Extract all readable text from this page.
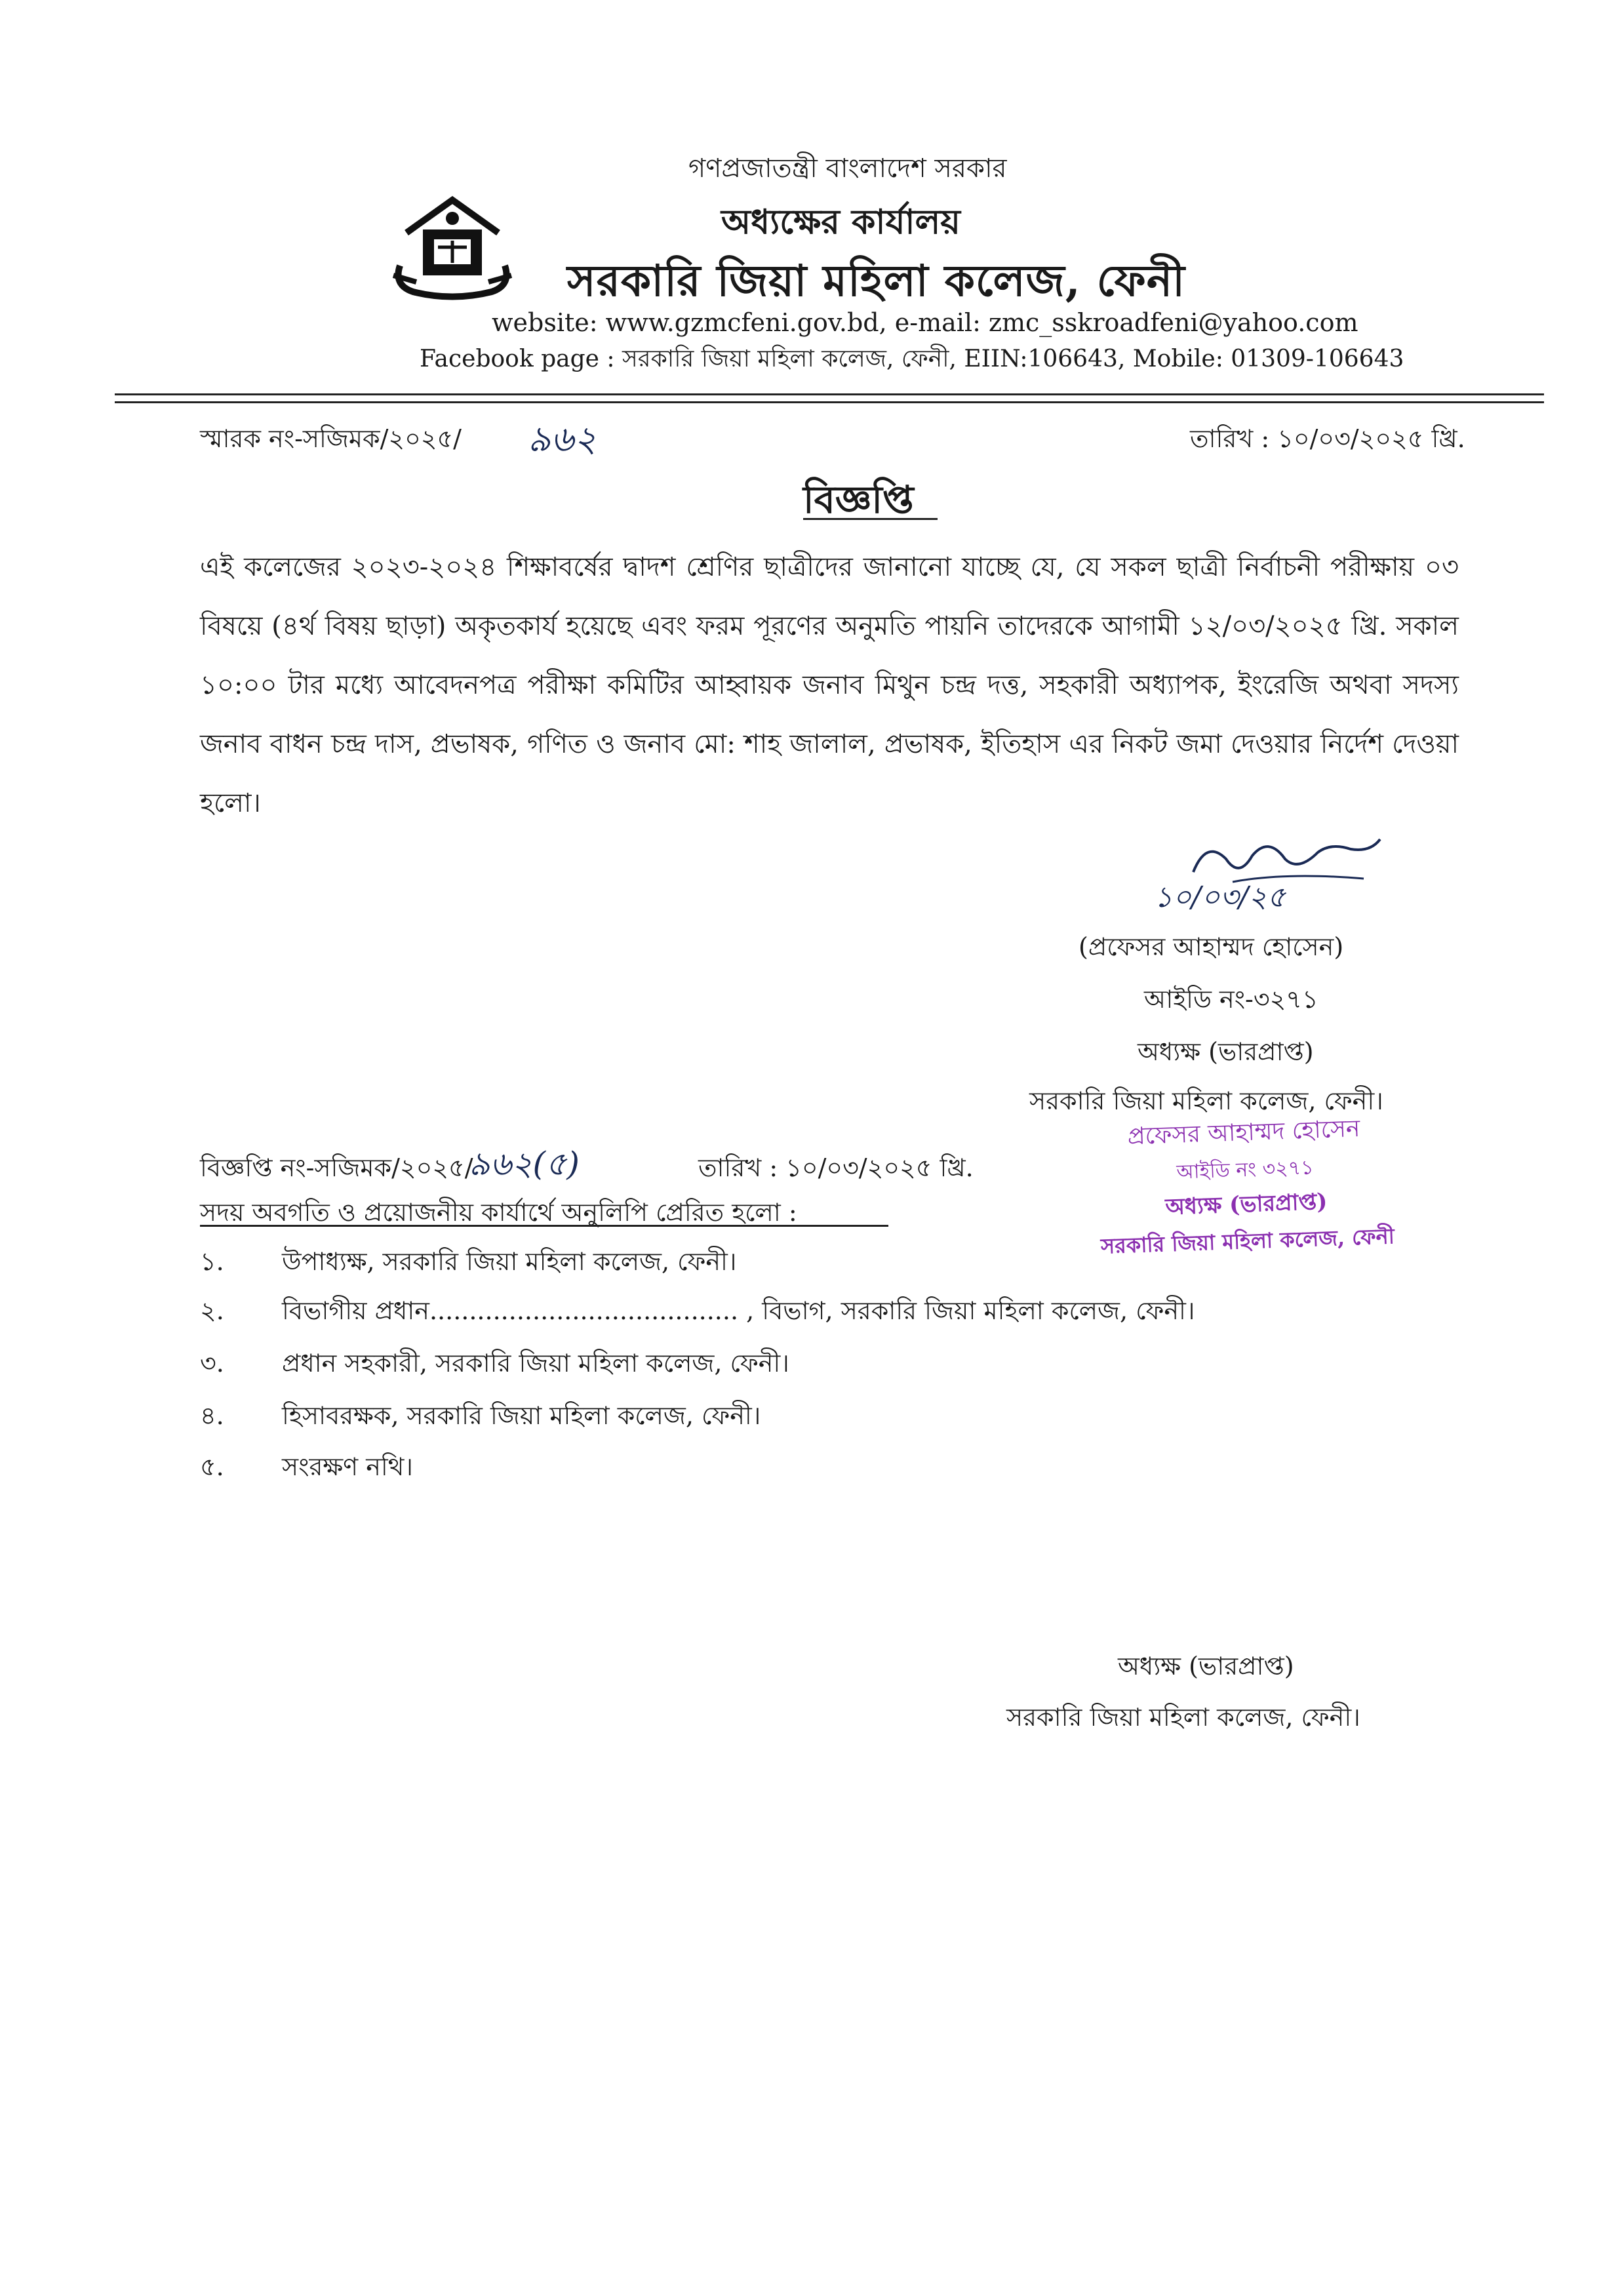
গণপ্রজাতন্ত্রী বাংলাদেশ সরকার
অধ্যক্ষের কার্যালয়
সরকারি জিয়া মহিলা কলেজ, ফেনী
website: www.gzmcfeni.gov.bd, e-mail: zmc_sskroadfeni@yahoo.com
Facebook page : সরকারি জিয়া মহিলা কলেজ, ফেনী, EIIN:106643, Mobile: 01309-106643
স্মারক নং-সজিমক/২০২৫/ ৯৬২	তারিখ : ১০/০৩/২০২৫ খ্রি.
বিজ্ঞপ্তি
এই কলেজের ২০২৩-২০২৪ শিক্ষাবর্ষের দ্বাদশ শ্রেণির ছাত্রীদের জানানো যাচ্ছে যে, যে সকল ছাত্রী নির্বাচনী পরীক্ষায় ০৩ বিষয়ে (৪র্থ বিষয় ছাড়া) অকৃতকার্য হয়েছে এবং ফরম পূরণের অনুমতি পায়নি তাদেরকে আগামী ১২/০৩/২০২৫ খ্রি. সকাল ১০:০০ টার মধ্যে আবেদনপত্র পরীক্ষা কমিটির আহ্বায়ক জনাব মিথুন চন্দ্র দত্ত, সহকারী অধ্যাপক, ইংরেজি অথবা সদস্য জনাব বাধন চন্দ্র দাস, প্রভাষক, গণিত ও জনাব মো: শাহ জালাল, প্রভাষক, ইতিহাস এর নিকট জমা দেওয়ার নির্দেশ দেওয়া হলো।
১০/০৩/২৫
(প্রফেসর আহাম্মদ হোসেন)
আইডি নং-৩২৭১
অধ্যক্ষ (ভারপ্রাপ্ত)
সরকারি জিয়া মহিলা কলেজ, ফেনী।
প্রফেসর আহাম্মদ হোসেন
আইডি নং ৩২৭১
অধ্যক্ষ (ভারপ্রাপ্ত)
সরকারি জিয়া মহিলা কলেজ, ফেনী
বিজ্ঞপ্তি নং-সজিমক/২০২৫/
৯৬২(৫)	তারিখ : ১০/০৩/২০২৫ খ্রি.
সদয় অবগতি ও প্রয়োজনীয় কার্যার্থে অনুলিপি প্রেরিত হলো :
১. উপাধ্যক্ষ, সরকারি জিয়া মহিলা কলেজ, ফেনী।
২. বিভাগীয় প্রধান....................................... , বিভাগ, সরকারি জিয়া মহিলা কলেজ, ফেনী।
৩. প্রধান সহকারী, সরকারি জিয়া মহিলা কলেজ, ফেনী।
৪. হিসাবরক্ষক, সরকারি জিয়া মহিলা কলেজ, ফেনী।
৫. সংরক্ষণ নথি।
অধ্যক্ষ (ভারপ্রাপ্ত)
সরকারি জিয়া মহিলা কলেজ, ফেনী।
